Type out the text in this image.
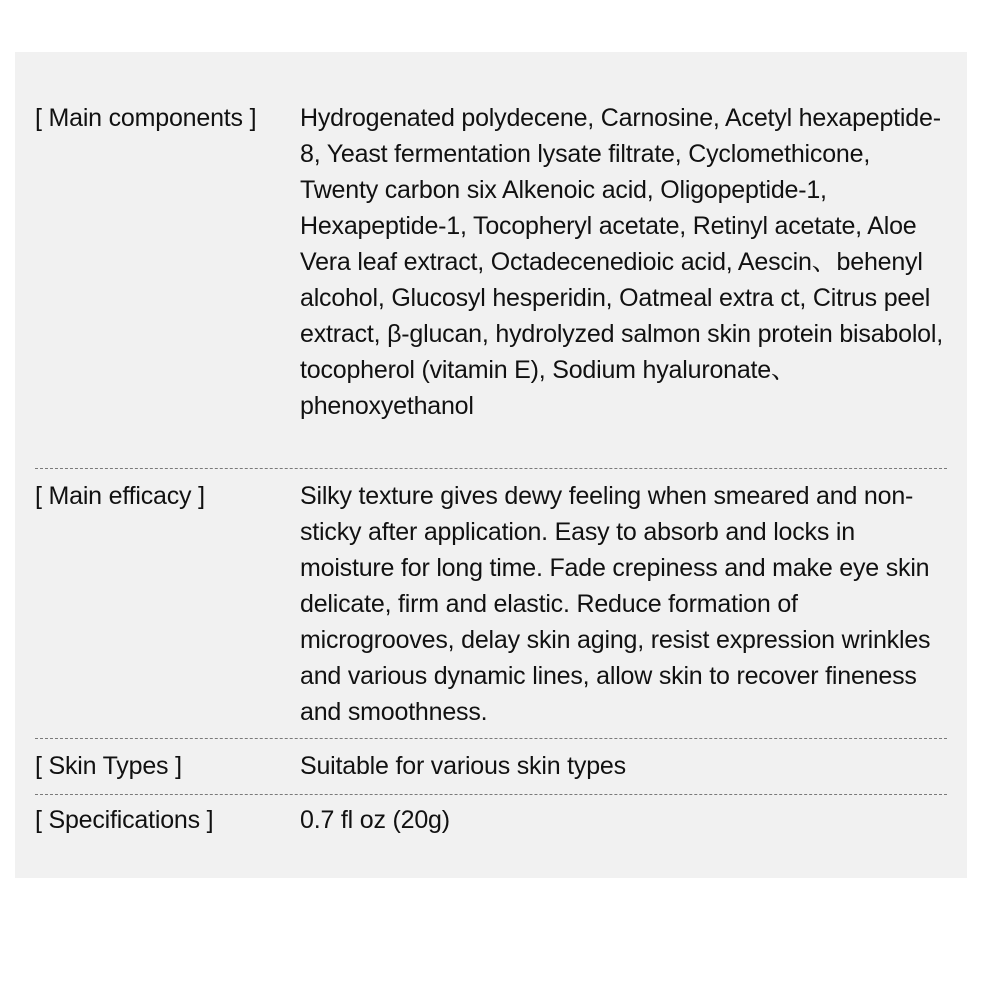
[ Main components ] Hydrogenated polydecene, Carnosine, Acetyl hexapeptide-8, Yeast fermentation lysate filtrate, Cyclomethicone, Twenty carbon six Alkenoic acid, Oligopeptide-1, Hexapeptide-1, Tocopheryl acetate, Retinyl acetate, Aloe Vera leaf extract, Octadecenedioic acid, Aescin、behenyl alcohol, Glucosyl hesperidin, Oatmeal extra ct, Citrus peel extract, β-glucan, hydrolyzed salmon skin protein bisabolol, tocopherol (vitamin E), Sodium hyaluronate、phenoxyethanol
[ Main efficacy ]	Silky texture gives dewy feeling when smeared and non-sticky after application. Easy to absorb and locks in moisture for long time. Fade crepiness and make eye skin delicate, firm and elastic. Reduce formation of microgrooves, delay skin aging, resist expression wrinkles and various dynamic lines, allow skin to recover fineness and smoothness.
[ Skin Types ]	Suitable for various skin types
[ Specifications ]	0.7 fl oz (20g)
